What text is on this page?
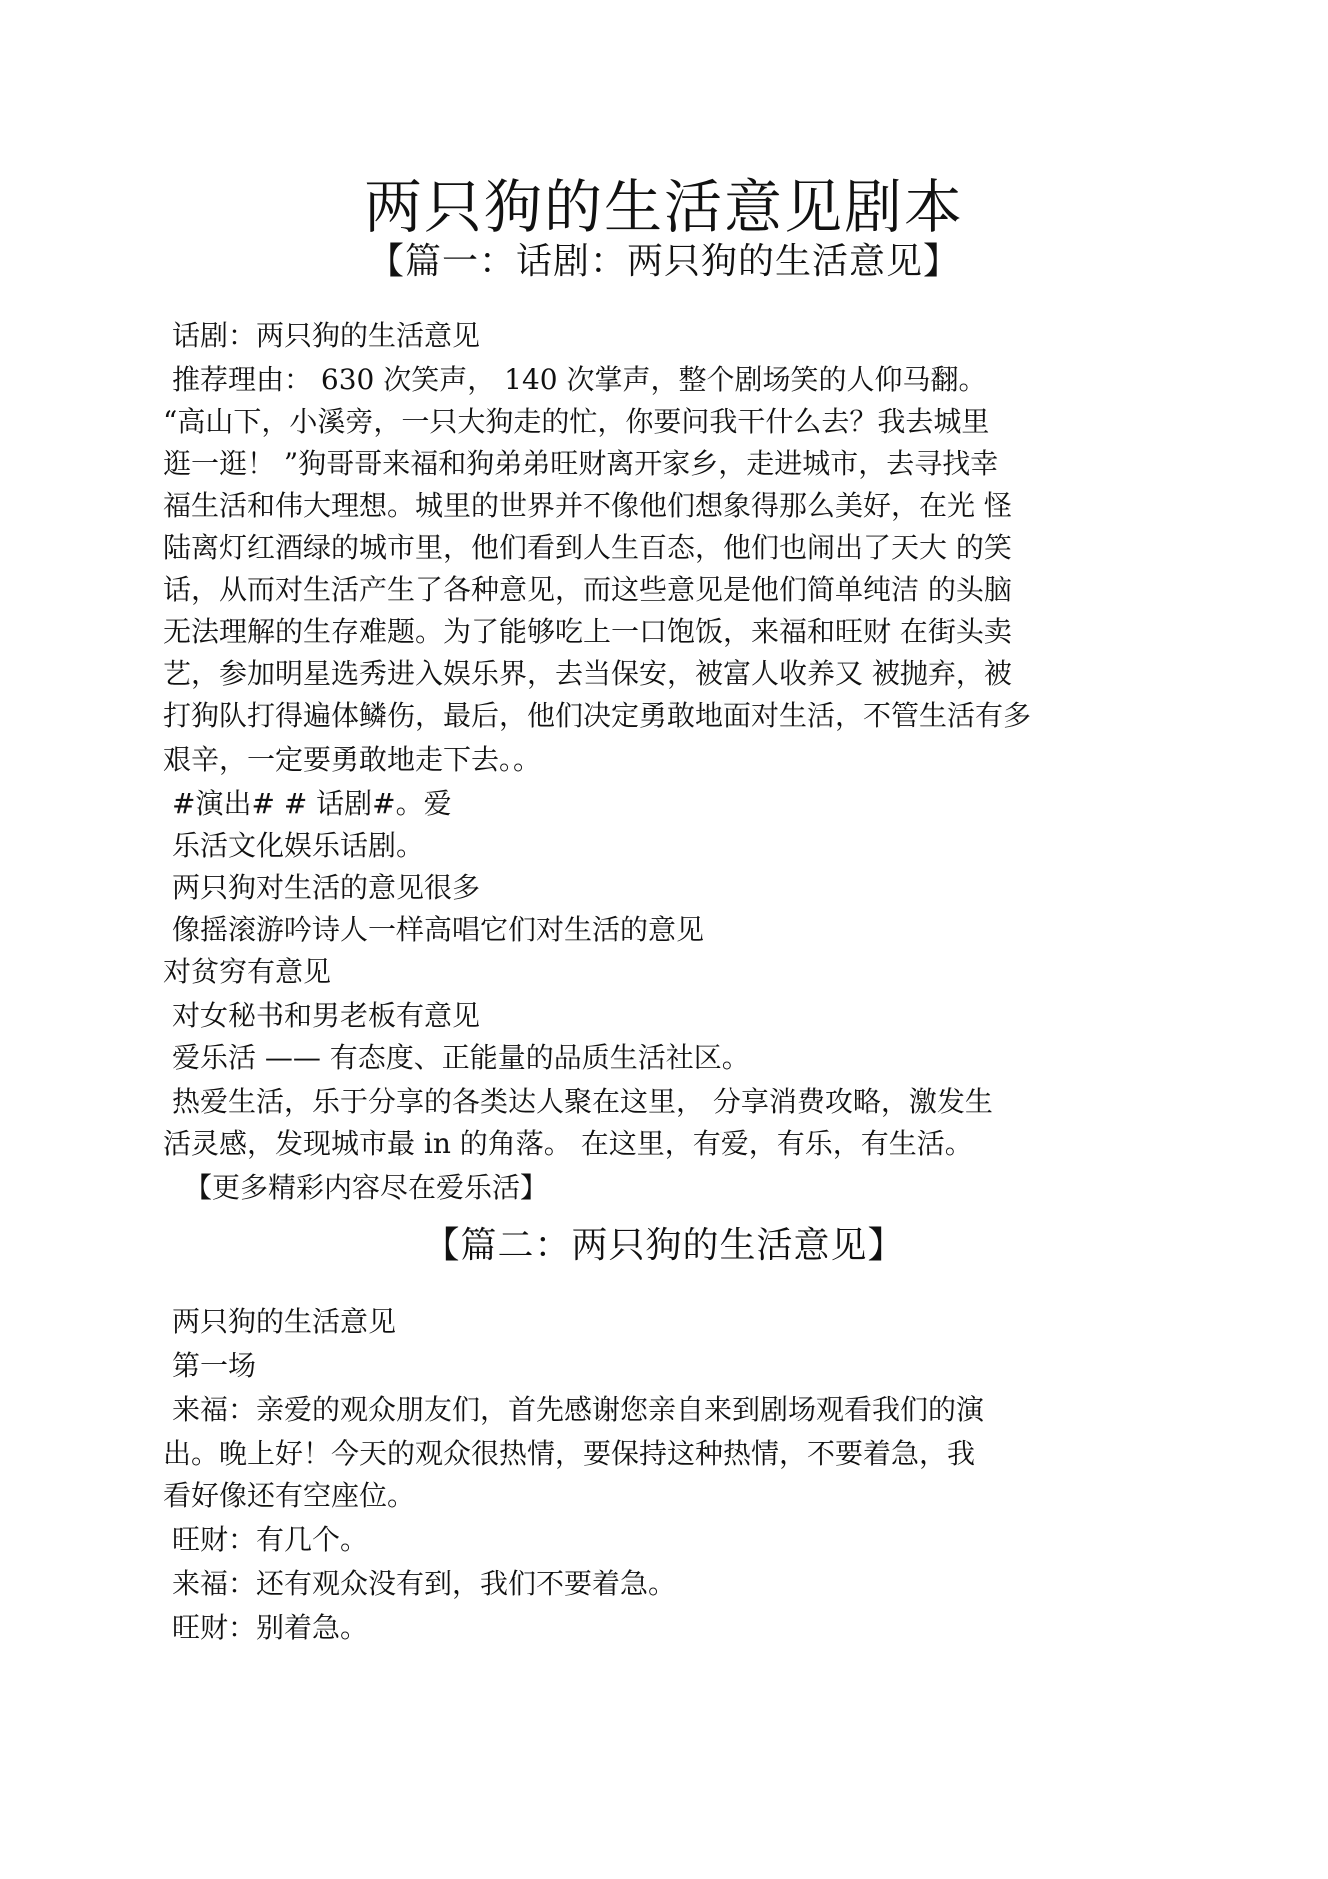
两只狗的生活意见剧本
【篇一：话剧：两只狗的生活意见】
话剧：两只狗的生活意见
推荐理由： 630 次笑声， 140 次掌声，整个剧场笑的人仰马翻。
“高山下，小溪旁，一只大狗走的忙，你要问我干什么去？我去城里
逛一逛！ ”狗哥哥来福和狗弟弟旺财离开家乡，走进城市，去寻找幸
福生活和伟大理想。城里的世界并不像他们想象得那么美好，在光 怪
陆离灯红酒绿的城市里，他们看到人生百态，他们也闹出了天大 的笑
话，从而对生活产生了各种意见，而这些意见是他们简单纯洁 的头脑
无法理解的生存难题。为了能够吃上一口饱饭，来福和旺财 在街头卖
艺，参加明星选秀进入娱乐界，去当保安，被富人收养又 被抛弃，被
打狗队打得遍体鳞伤，最后，他们决定勇敢地面对生活，不管生活有多
艰辛，一定要勇敢地走下去。。
#演出# # 话剧#。爱
乐活文化娱乐话剧。
两只狗对生活的意见很多
像摇滚游吟诗人一样高唱它们对生活的意见
对贫穷有意见
对女秘书和男老板有意见
爱乐活 —— 有态度、正能量的品质生活社区。
热爱生活，乐于分享的各类达人聚在这里， 分享消费攻略，激发生
活灵感，发现城市最 in 的角落。 在这里，有爱，有乐，有生活。
【更多精彩内容尽在爱乐活】
【篇二：两只狗的生活意见】
两只狗的生活意见
第一场
来福：亲爱的观众朋友们，首先感谢您亲自来到剧场观看我们的演
出。晚上好！今天的观众很热情，要保持这种热情，不要着急，我
看好像还有空座位。
旺财：有几个。
来福：还有观众没有到，我们不要着急。
旺财：别着急。
